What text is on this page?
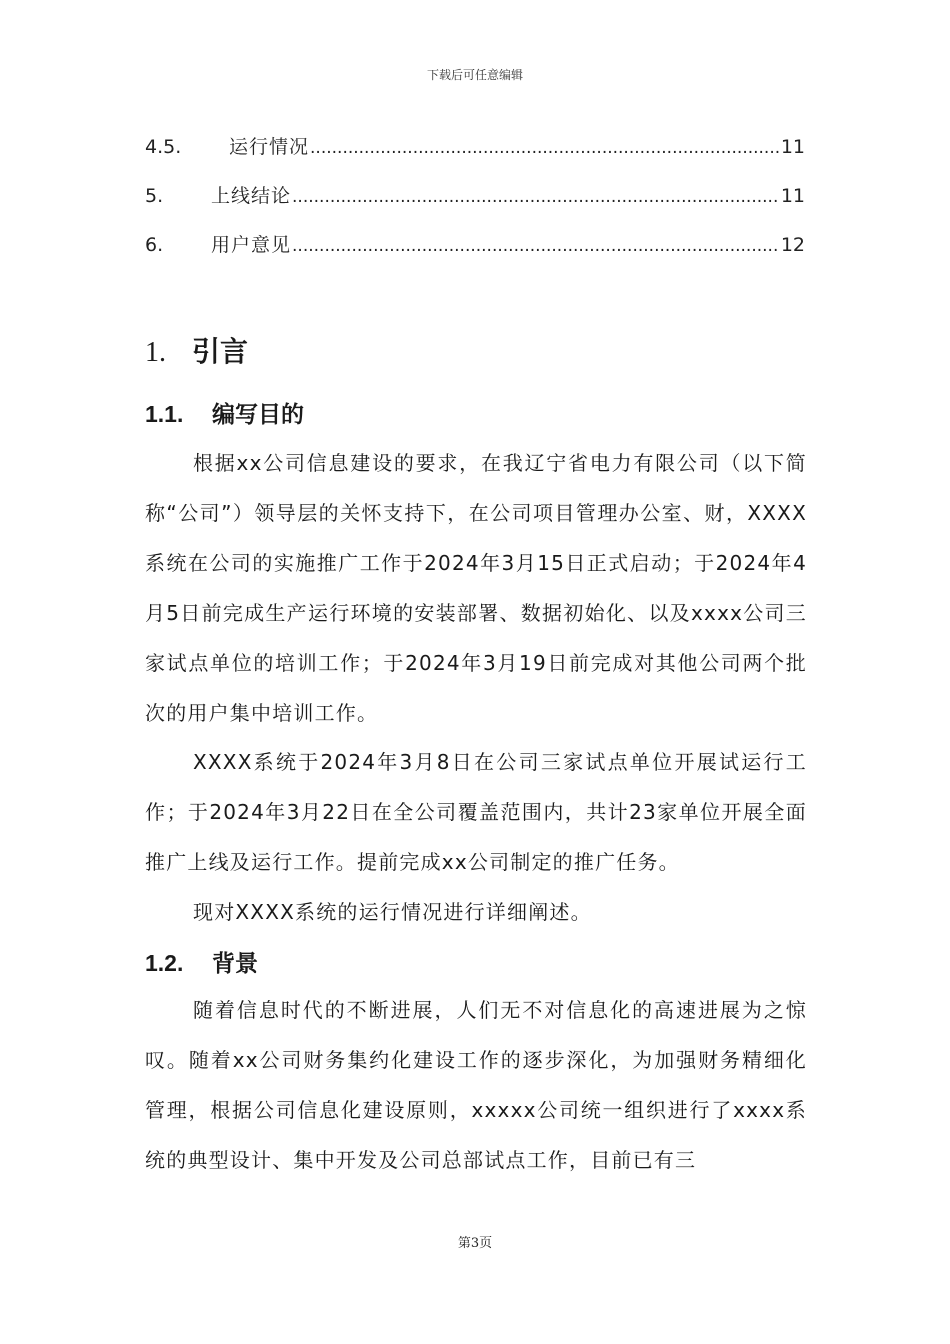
下载后可任意编辑
4.5.	运行情况 .....	11
5.	上线结论 .....	11
6.	用户意见 .....	12
1. 引言
1.1.	编写目的

根据xx公司信息建设的要求，在我辽宁省电力有限公司（以下简称“公司”）领导层的关怀支持下，在公司项目管理办公室、财，XXXX系统在公司的实施推广工作于2024年3月15日正式启动；于2024年4月5日前完成生产运行环境的安装部署、数据初始化、以及xxxx公司三家试点单位的培训工作；于2024年3月19日前完成对其他公司两个批次的用户集中培训工作。

XXXX系统于2024年3月8日在公司三家试点单位开展试运行工作；于2024年3月22日在全公司覆盖范围内，共计23家单位开展全面推广上线及运行工作。提前完成xx公司制定的推广任务。

现对XXXX系统的运行情况进行详细阐述。

1.2.	背景

随着信息时代的不断进展，人们无不对信息化的高速进展为之惊叹。随着xx公司财务集约化建设工作的逐步深化，为加强财务精细化管理，根据公司信息化建设原则，xxxxx公司统一组织进行了xxxx系统的典型设计、集中开发及公司总部试点工作，目前已有三

第3页
